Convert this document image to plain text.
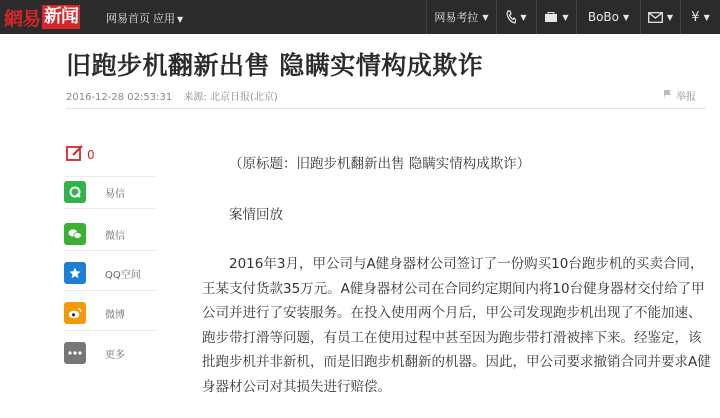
網易 新闻	网易首页 应用 ▼	网易考拉 ▼	▼	▼ BoBo ▼	▼ ¥ ▼
旧跑步机翻新出售 隐瞒实情构成欺诈
2016-12-28 02:53:31 来源: 北京日报(北京)	举报
0
易信
微信
QQ空间
微博
更多

（原标题：旧跑步机翻新出售 隐瞒实情构成欺诈）

案情回放

2016年3月，甲公司与A健身器材公司签订了一份购买10台跑步机的买卖合同，王某支付货款35万元。A健身器材公司在合同约定期间内将10台健身器材交付给了甲公司并进行了安装服务。在投入使用两个月后，甲公司发现跑步机出现了不能加速、跑步带打滑等问题，有员工在使用过程中甚至因为跑步带打滑被摔下来。经鉴定，该批跑步机并非新机，而是旧跑步机翻新的机器。因此，甲公司要求撤销合同并要求A健身器材公司对其损失进行赔偿。
